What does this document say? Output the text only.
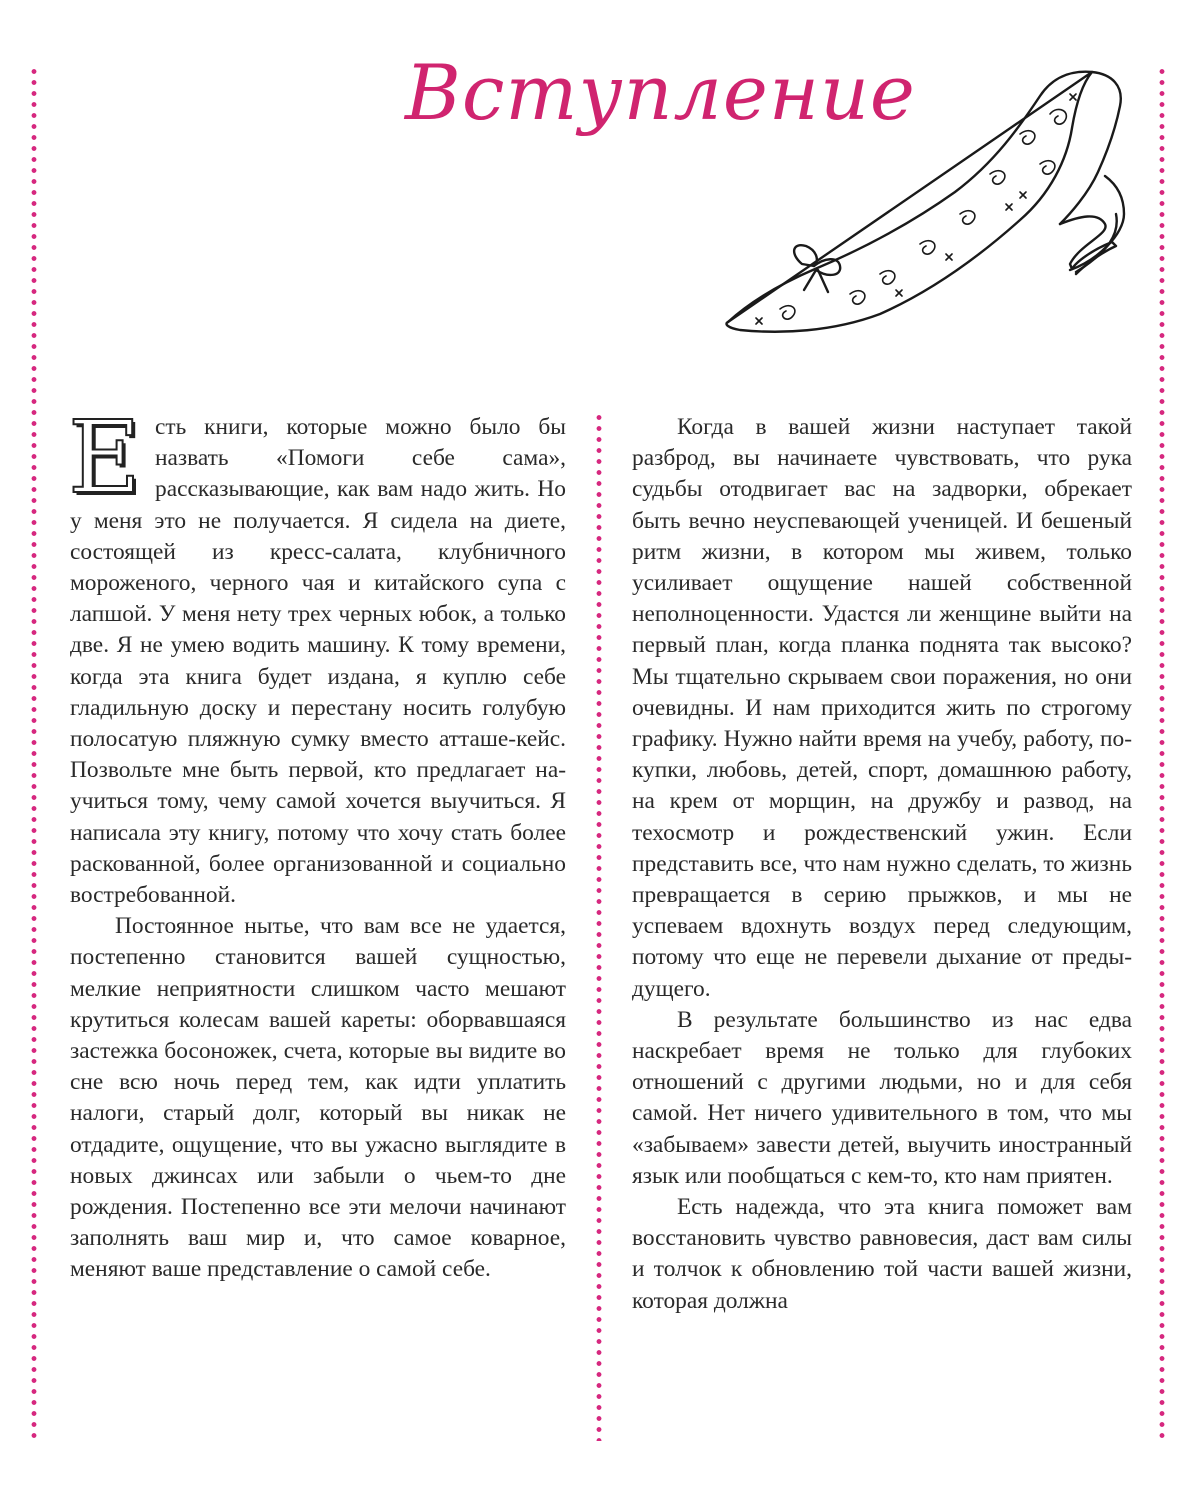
Вступление

Есть книги, которые можно было бы назвать «Помоги себе сама», рассказывающие, как вам надо жить. Но у меня это не получается. Я сидела на диете, состоящей из кресс-салата, клубничного мороженого, черного чая и китайского супа с лапшой. У меня нету трех черных юбок, а только две. Я не умею водить машину. К тому времени, когда эта книга будет издана, я куплю себе гладильную доску и перестану носить голубую полосатую пляжную сумку вместо атташе-кейс. Позвольте мне быть первой, кто предлагает научиться тому, чему самой хочется выучиться. Я написала эту книгу, потому что хочу стать более раскованной, более организованной и социально востребованной.

Постоянное нытье, что вам все не удается, постепенно становится вашей сущностью, мелкие неприятности слишком часто мешают крутиться колесам вашей кареты: оборвавшаяся застежка босоножек, счета, которые вы видите во сне всю ночь перед тем, как идти уплатить налоги, старый долг, который вы никак не отдадите, ощущение, что вы ужасно выглядите в новых джинсах или забыли о чьем-то дне рождения. Постепенно все эти мелочи начинают заполнять ваш мир и, что самое коварное, меняют ваше представление о самой себе.

Когда в вашей жизни наступает такой разброд, вы начинаете чувствовать, что рука судьбы отодвигает вас на задворки, обрекает быть вечно неуспевающей ученицей. И бешеный ритм жизни, в котором мы живем, только усиливает ощущение нашей собственной неполноценности. Удастся ли женщине выйти на первый план, когда планка поднята так высоко? Мы тщательно скрываем свои поражения, но они очевидны. И нам приходится жить по строгому графику. Нужно найти время на учебу, работу, покупки, любовь, детей, спорт, домашнюю работу, на крем от морщин, на дружбу и развод, на техосмотр и рождественский ужин. Если представить все, что нам нужно сделать, то жизнь превращается в серию прыжков, и мы не успеваем вдохнуть воздух перед следующим, потому что еще не перевели дыхание от предыдущего.

В результате большинство из нас едва наскребает время не только для глубоких отношений с другими людьми, но и для себя самой. Нет ничего удивительного в том, что мы «забываем» завести детей, выучить иностранный язык или пообщаться с кем-то, кто нам приятен.

Есть надежда, что эта книга поможет вам восстановить чувство равновесия, даст вам силы и толчок к обновлению той части вашей жизни, которая должна
